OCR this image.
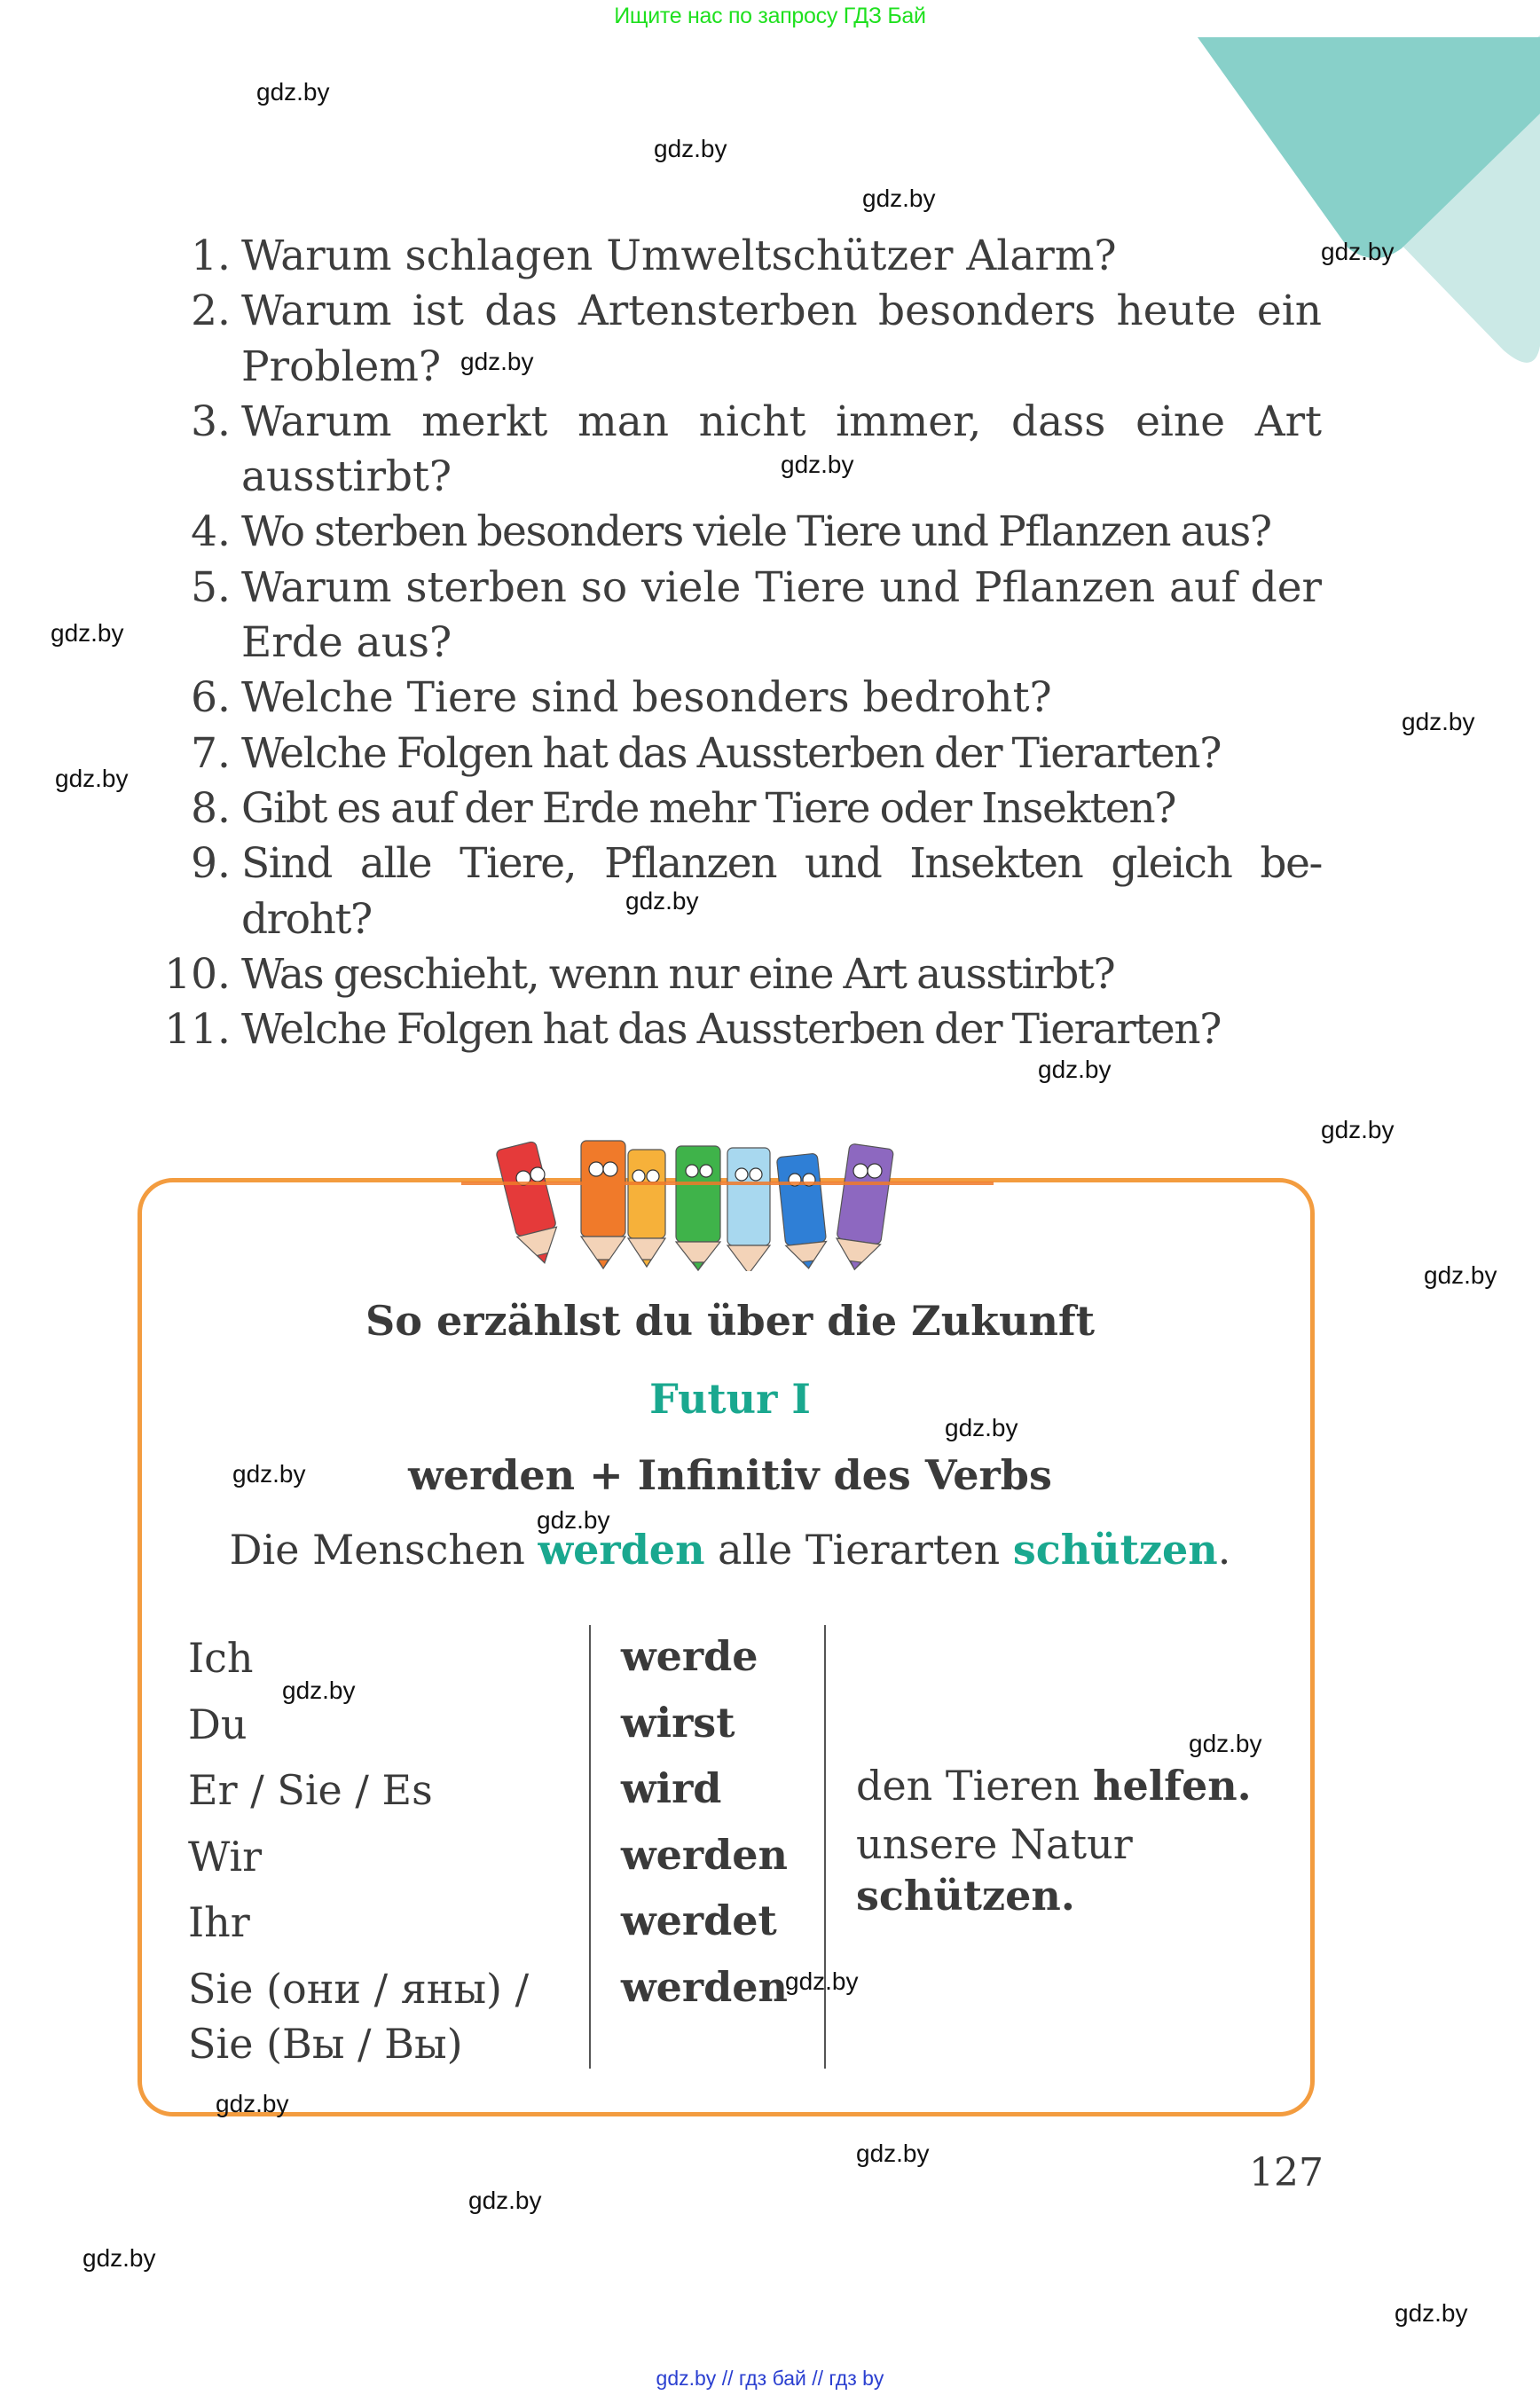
Ищите нас по запросу ГДЗ Бай
1. Warum schlagen Umweltschützer Alarm?
2. Warum ist das Artensterben besonders heute ein Problem?
3. Warum merkt man nicht immer, dass eine Art ausstirbt?
4. Wo sterben besonders viele Tiere und Pflanzen aus?
5. Warum sterben so viele Tiere und Pflanzen auf der Erde aus?
6. Welche Tiere sind besonders bedroht?
7. Welche Folgen hat das Aussterben der Tierarten?
8. Gibt es auf der Erde mehr Tiere oder Insekten?
9. Sind alle Tiere, Pflanzen und Insekten gleich be-droht?
10. Was geschieht, wenn nur eine Art ausstirbt?
11. Welche Folgen hat das Aussterben der Tierarten?
So erzählst du über die Zukunft
Futur I
werden + Infinitiv des Verbs
Die Menschen werden alle Tierarten schützen.
Ich
Du
Er / Sie / Es
Wir
Ihr
Sie (они / яны) /
Sie (Вы / Вы)
werde
wirst
wird
werden
werdet
werden
den Tieren helfen.
unsere Natur
schützen.
127
gdz.by
gdz.by
gdz.by
gdz.by
gdz.by
gdz.by
gdz.by
gdz.by
gdz.by
gdz.by
gdz.by
gdz.by
gdz.by
gdz.by
gdz.by
gdz.by
gdz.by
gdz.by
gdz.by
gdz.by
gdz.by
gdz.by
gdz.by
gdz.by
gdz.by // гдз бай // гдз by
